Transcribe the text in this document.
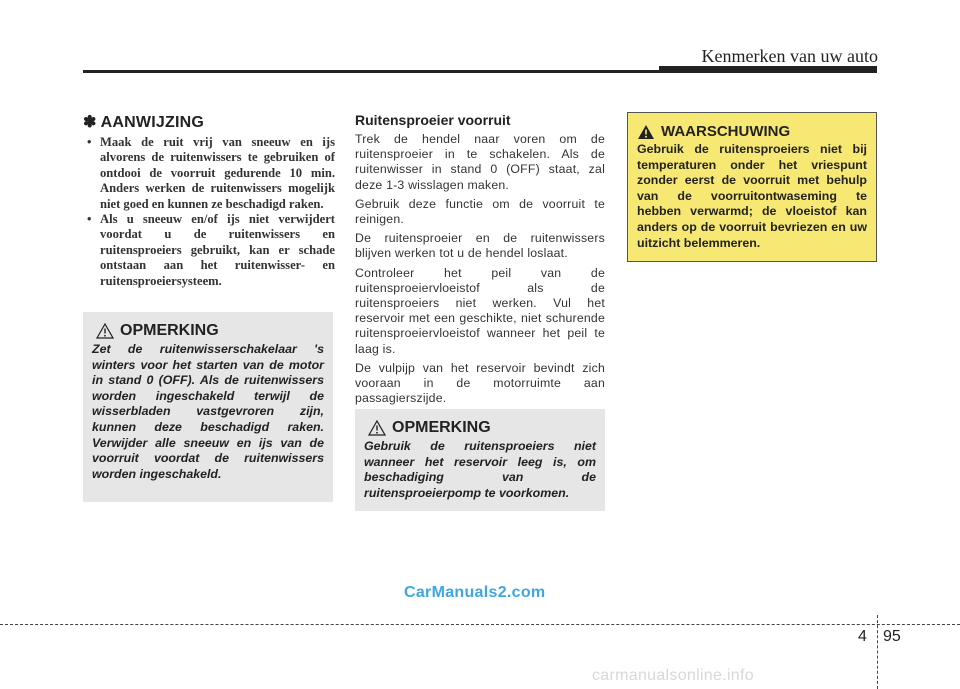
Kenmerken van uw auto
✽ AANWIJZING
• Maak de ruit vrij van sneeuw en ijs alvorens de ruitenwissers te gebruiken of ontdooi de voorruit gedurende 10 min. Anders werken de ruitenwissers mogelijk niet goed en kunnen ze beschadigd raken.
• Als u sneeuw en/of ijs niet verwijdert voordat u de ruitenwissers en ruitensproeiers gebruikt, kan er schade ontstaan aan het ruitenwisser- en ruitensproeiersysteem.
OPMERKING

Zet de ruitenwisserschakelaar 's winters voor het starten van de motor in stand 0 (OFF). Als de ruitenwissers worden ingeschakeld terwijl de wisserbladen vastgevroren zijn, kunnen deze beschadigd raken. Verwijder alle sneeuw en ijs van de voorruit voordat de ruitenwissers worden ingeschakeld.

Ruitensproeier voorruit

Trek de hendel naar voren om de ruitensproeier in te schakelen. Als de ruitenwisser in stand 0 (OFF) staat, zal deze 1-3 wisslagen maken.

Gebruik deze functie om de voorruit te reinigen.

De ruitensproeier en de ruitenwissers blijven werken tot u de hendel loslaat.

Controleer het peil van de ruitensproeiervloeistof als de ruitensproeiers niet werken. Vul het reservoir met een geschikte, niet schurende ruitensproeiervloeistof wanneer het peil te laag is.

De vulpijp van het reservoir bevindt zich vooraan in de motorruimte aan passagierszijde.

OPMERKING

Gebruik de ruitensproeiers niet wanneer het reservoir leeg is, om beschadiging van de ruitensproeierpomp te voorkomen.

WAARSCHUWING

Gebruik de ruitensproeiers niet bij temperaturen onder het vriespunt zonder eerst de voorruit met behulp van de voorruitontwaseming te hebben verwarmd; de vloeistof kan anders op de voorruit bevriezen en uw uitzicht belemmeren.

CarManuals2.com
4 95
carmanualsonline.info
